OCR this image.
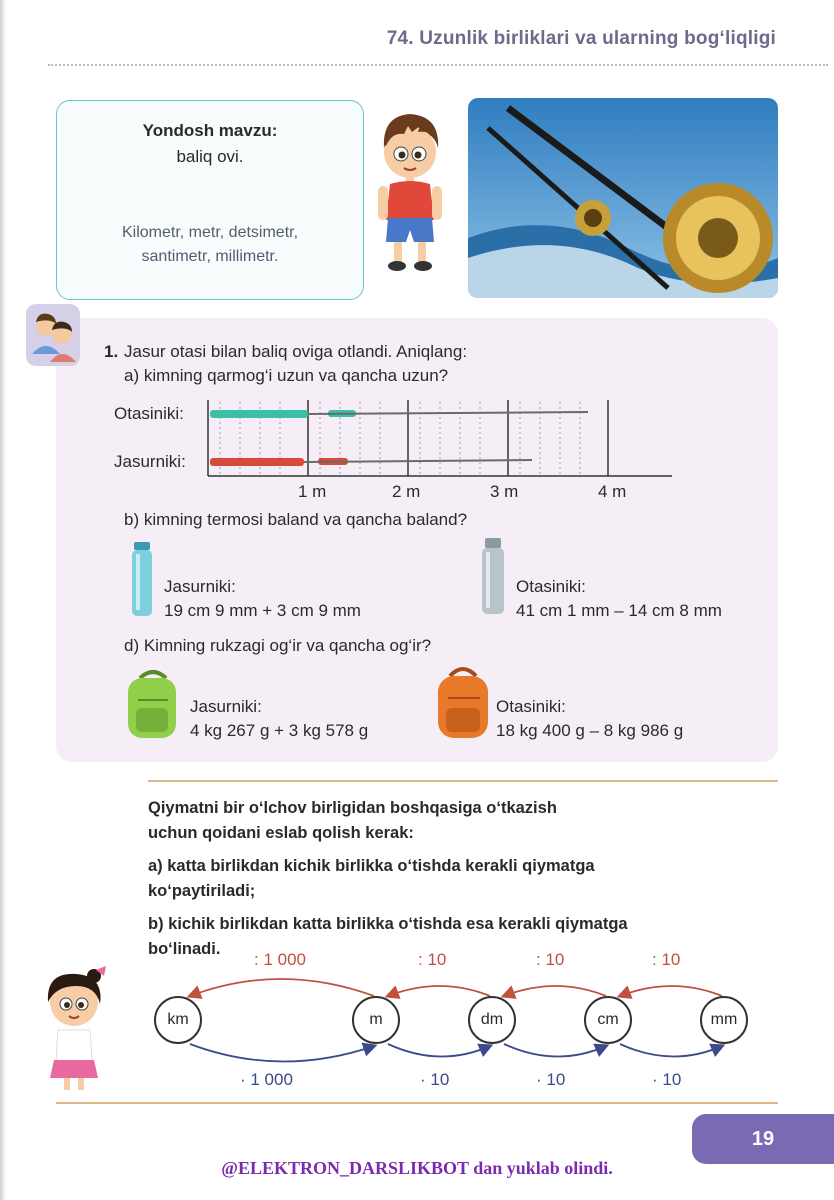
74. Uzunlik birliklari va ularning bog‘liqligi
Yondosh mavzu:
baliq ovi.
Kilometr, metr, detsimetr,
santimetr, millimetr.
1. Jasur otasi bilan baliq oviga otlandi. Aniqlang:
a) kimning qarmog‘i uzun va qancha uzun?
Otasiniki:
Jasurniki:
1 m	2 m	3 m	4 m
b) kimning termosi baland va qancha baland?
Jasurniki:
19 cm 9 mm + 3 cm 9 mm
Otasiniki:
41 cm 1 mm – 14 cm 8 mm
d) Kimning rukzagi og‘ir va qancha og‘ir?
Jasurniki:
4 kg 267 g + 3 kg 578 g
Otasiniki:
18 kg 400 g – 8 kg 986 g
Qiymatni bir o‘lchov birligidan boshqasiga o‘tkazish
uchun qoidani eslab qolish kerak:
a) katta birlikdan kichik birlikka o‘tishda kerakli qiymatga
ko‘paytiriladi;
b) kichik birlikdan katta birlikka o‘tishda esa kerakli qiymatga
bo‘linadi.
km	m	dm	cm	mm
: 1 000	: 10	: 10	: 10
· 1 000	· 10	· 10	· 10
19
@ELEKTRON_DARSLIKBOT dan yuklab olindi.
